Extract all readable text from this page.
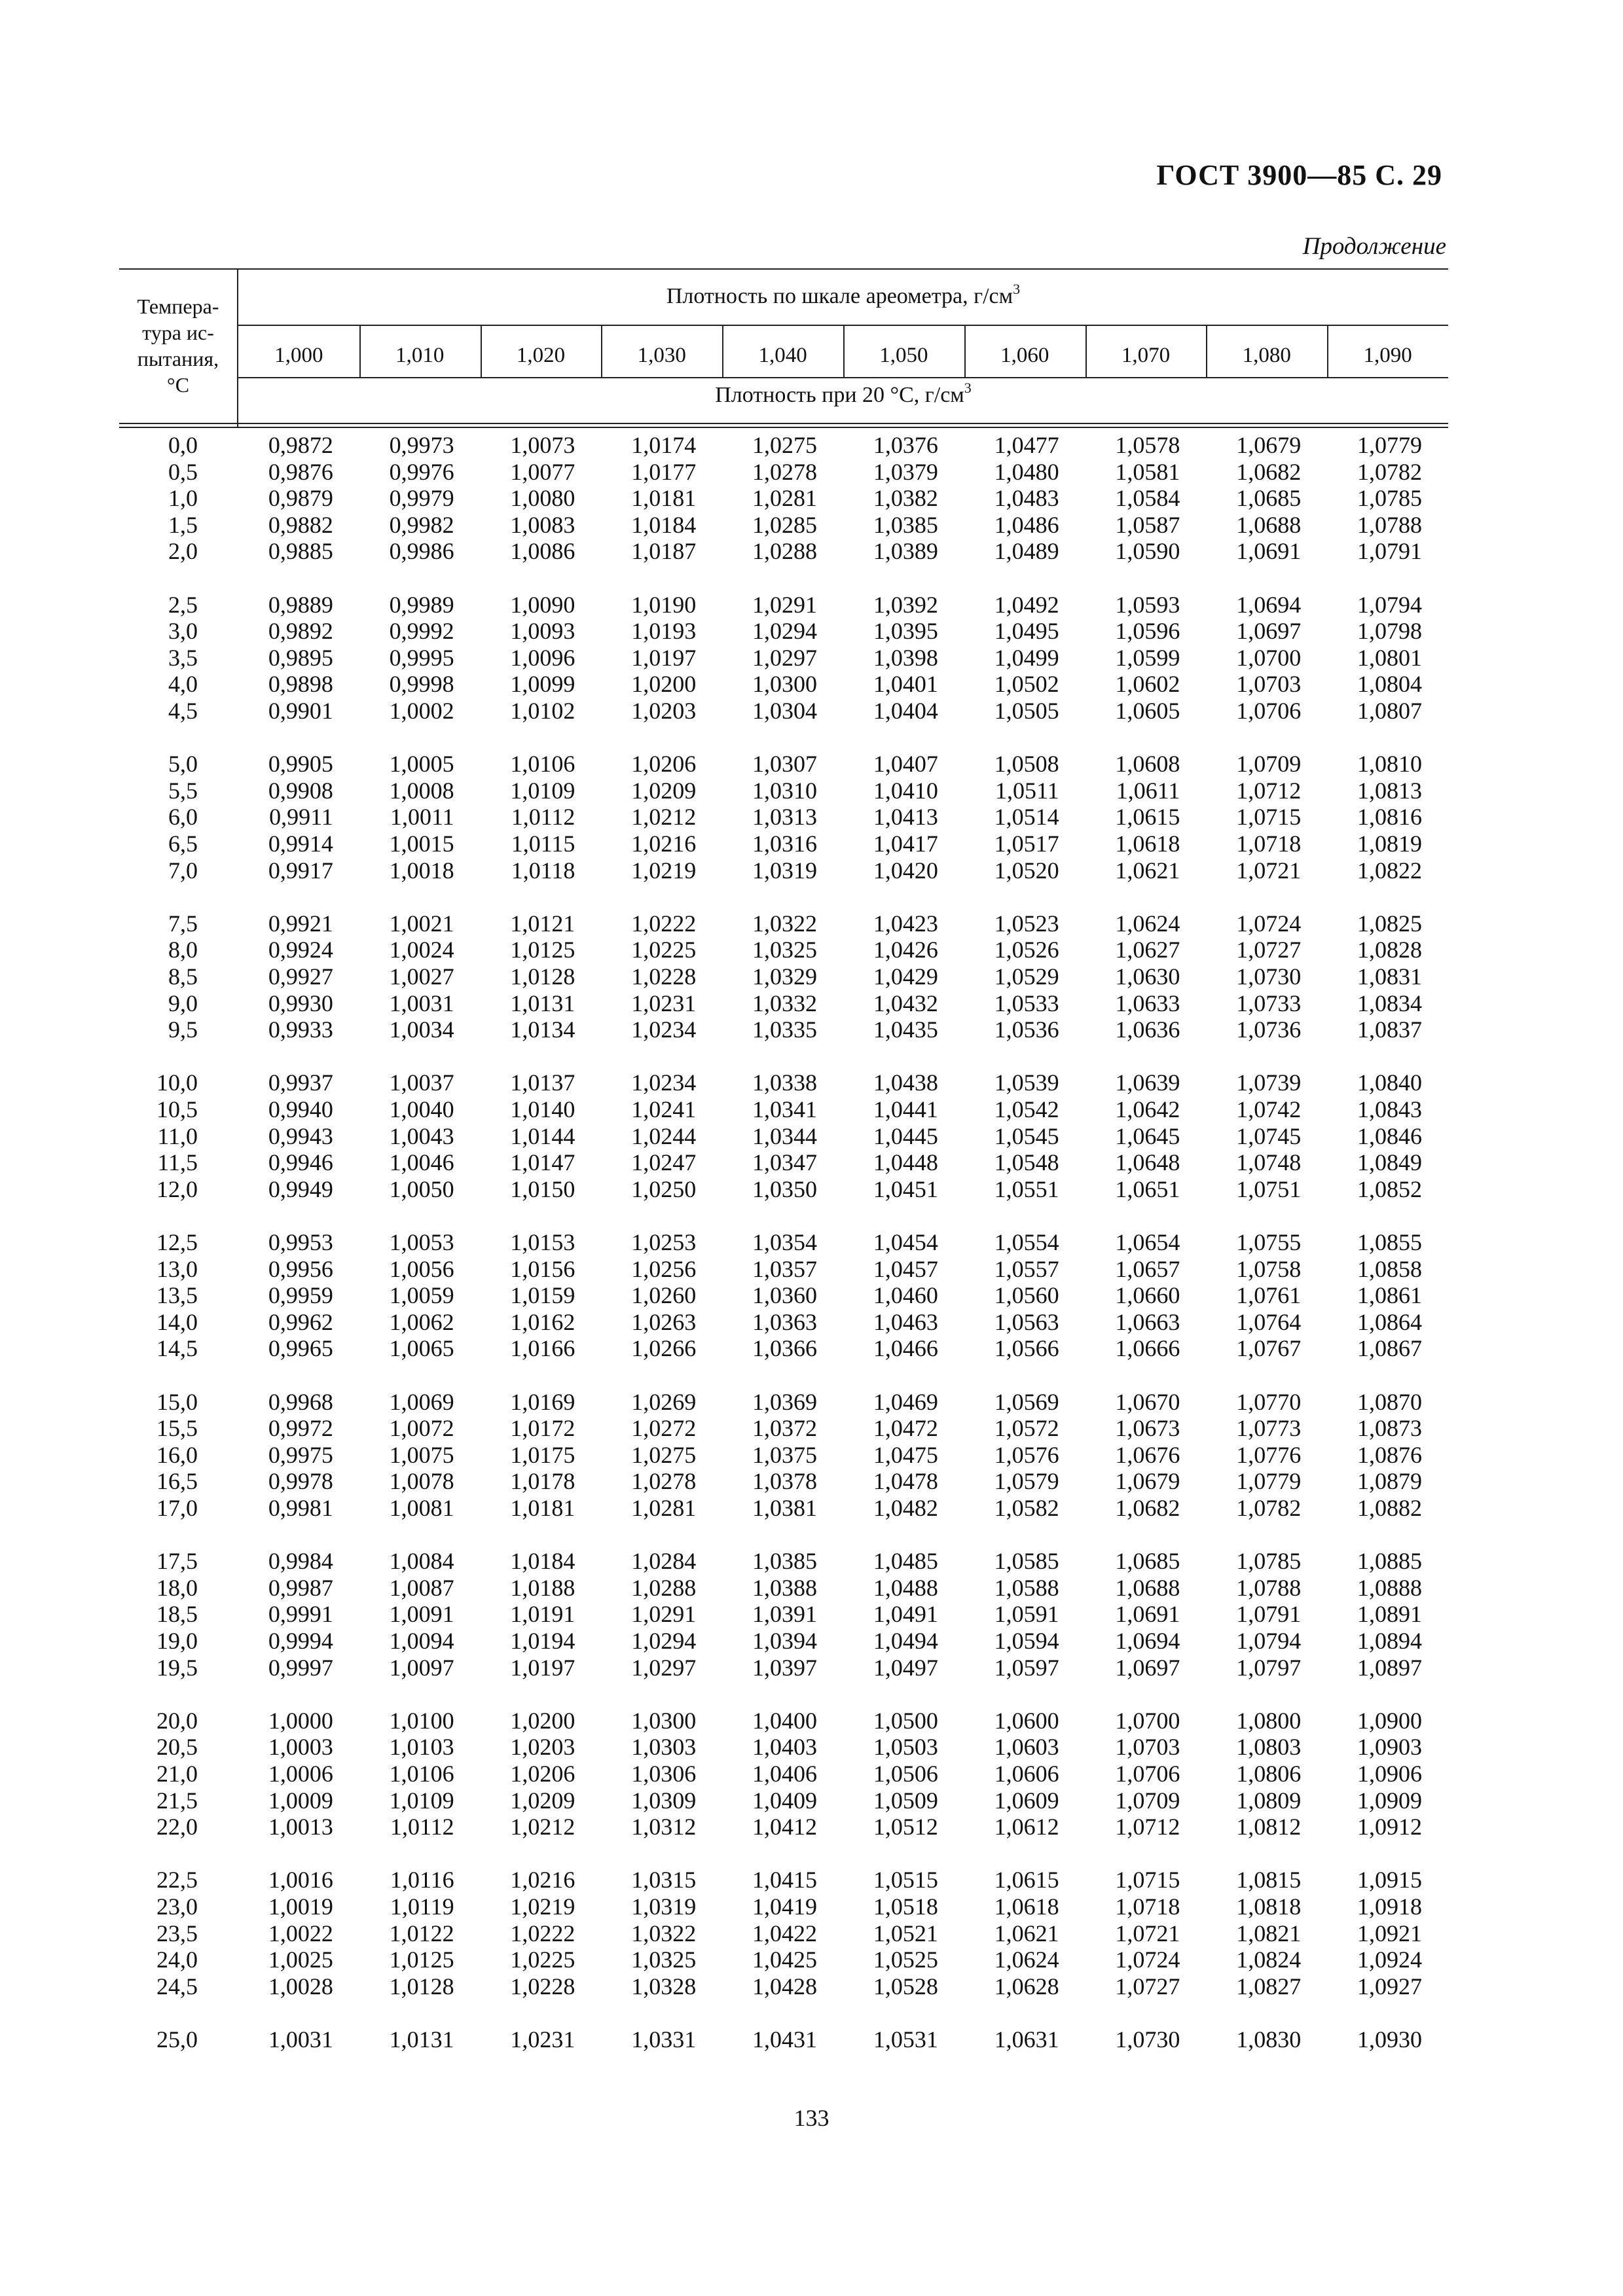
ГОСТ 3900—85 С. 29
Продолжение
Темпера-
тура ис-
пытания,
°С
Плотность по шкале ареометра, $г/см^3$
1,000	1,010	1,020	1,030	1,040	1,050	1,060	1,070	1,080	1,090
Плотность при 20 °С, $г/см^3$
0,0	0,9872 0,9973 1,0073 1,0174 1,0275 1,0376 1,0477 1,0578 1,0679 1,0779
0,5	0,9876 0,9976 1,0077 1,0177 1,0278 1,0379 1,0480 1,0581 1,0682 1,0782
1,0	0,9879 0,9979 1,0080 1,0181 1,0281 1,0382 1,0483 1,0584 1,0685 1,0785
1,5	0,9882 0,9982 1,0083 1,0184 1,0285 1,0385 1,0486 1,0587 1,0688 1,0788
2,0	0,9885 0,9986 1,0086 1,0187 1,0288 1,0389 1,0489 1,0590 1,0691 1,0791
2,5	0,9889 0,9989 1,0090 1,0190 1,0291 1,0392 1,0492 1,0593 1,0694 1,0794
3,0	0,9892 0,9992 1,0093 1,0193 1,0294 1,0395 1,0495 1,0596 1,0697 1,0798
3,5	0,9895 0,9995 1,0096 1,0197 1,0297 1,0398 1,0499 1,0599 1,0700 1,0801
4,0	0,9898 0,9998 1,0099 1,0200 1,0300 1,0401 1,0502 1,0602 1,0703 1,0804
4,5	0,9901 1,0002 1,0102 1,0203 1,0304 1,0404 1,0505 1,0605 1,0706 1,0807
5,0	0,9905 1,0005 1,0106 1,0206 1,0307 1,0407 1,0508 1,0608 1,0709 1,0810
5,5	0,9908 1,0008 1,0109 1,0209 1,0310 1,0410 1,0511 1,0611 1,0712 1,0813
6,0	0,9911 1,0011 1,0112 1,0212 1,0313 1,0413 1,0514 1,0615 1,0715 1,0816
6,5	0,9914 1,0015 1,0115 1,0216 1,0316 1,0417 1,0517 1,0618 1,0718 1,0819
7,0	0,9917 1,0018 1,0118 1,0219 1,0319 1,0420 1,0520 1,0621 1,0721 1,0822
7,5	0,9921 1,0021 1,0121 1,0222 1,0322 1,0423 1,0523 1,0624 1,0724 1,0825
8,0	0,9924 1,0024 1,0125 1,0225 1,0325 1,0426 1,0526 1,0627 1,0727 1,0828
8,5	0,9927 1,0027 1,0128 1,0228 1,0329 1,0429 1,0529 1,0630 1,0730 1,0831
9,0	0,9930 1,0031 1,0131 1,0231 1,0332 1,0432 1,0533 1,0633 1,0733 1,0834
9,5	0,9933 1,0034 1,0134 1,0234 1,0335 1,0435 1,0536 1,0636 1,0736 1,0837
10,0	0,9937 1,0037 1,0137 1,0234 1,0338 1,0438 1,0539 1,0639 1,0739 1,0840
10,5	0,9940 1,0040 1,0140 1,0241 1,0341 1,0441 1,0542 1,0642 1,0742 1,0843
11,0	0,9943 1,0043 1,0144 1,0244 1,0344 1,0445 1,0545 1,0645 1,0745 1,0846
11,5	0,9946 1,0046 1,0147 1,0247 1,0347 1,0448 1,0548 1,0648 1,0748 1,0849
12,0	0,9949 1,0050 1,0150 1,0250 1,0350 1,0451 1,0551 1,0651 1,0751 1,0852
12,5	0,9953 1,0053 1,0153 1,0253 1,0354 1,0454 1,0554 1,0654 1,0755 1,0855
13,0	0,9956 1,0056 1,0156 1,0256 1,0357 1,0457 1,0557 1,0657 1,0758 1,0858
13,5	0,9959 1,0059 1,0159 1,0260 1,0360 1,0460 1,0560 1,0660 1,0761 1,0861
14,0	0,9962 1,0062 1,0162 1,0263 1,0363 1,0463 1,0563 1,0663 1,0764 1,0864
14,5	0,9965 1,0065 1,0166 1,0266 1,0366 1,0466 1,0566 1,0666 1,0767 1,0867
15,0	0,9968 1,0069 1,0169 1,0269 1,0369 1,0469 1,0569 1,0670 1,0770 1,0870
15,5	0,9972 1,0072 1,0172 1,0272 1,0372 1,0472 1,0572 1,0673 1,0773 1,0873
16,0	0,9975 1,0075 1,0175 1,0275 1,0375 1,0475 1,0576 1,0676 1,0776 1,0876
16,5	0,9978 1,0078 1,0178 1,0278 1,0378 1,0478 1,0579 1,0679 1,0779 1,0879
17,0	0,9981 1,0081 1,0181 1,0281 1,0381 1,0482 1,0582 1,0682 1,0782 1,0882
17,5	0,9984 1,0084 1,0184 1,0284 1,0385 1,0485 1,0585 1,0685 1,0785 1,0885
18,0	0,9987 1,0087 1,0188 1,0288 1,0388 1,0488 1,0588 1,0688 1,0788 1,0888
18,5	0,9991 1,0091 1,0191 1,0291 1,0391 1,0491 1,0591 1,0691 1,0791 1,0891
19,0	0,9994 1,0094 1,0194 1,0294 1,0394 1,0494 1,0594 1,0694 1,0794 1,0894
19,5	0,9997 1,0097 1,0197 1,0297 1,0397 1,0497 1,0597 1,0697 1,0797 1,0897
20,0	1,0000 1,0100 1,0200 1,0300 1,0400 1,0500 1,0600 1,0700 1,0800 1,0900
20,5	1,0003 1,0103 1,0203 1,0303 1,0403 1,0503 1,0603 1,0703 1,0803 1,0903
21,0	1,0006 1,0106 1,0206 1,0306 1,0406 1,0506 1,0606 1,0706 1,0806 1,0906
21,5	1,0009 1,0109 1,0209 1,0309 1,0409 1,0509 1,0609 1,0709 1,0809 1,0909
22,0	1,0013 1,0112 1,0212 1,0312 1,0412 1,0512 1,0612 1,0712 1,0812 1,0912
22,5	1,0016 1,0116 1,0216 1,0315 1,0415 1,0515 1,0615 1,0715 1,0815 1,0915
23,0	1,0019 1,0119 1,0219 1,0319 1,0419 1,0518 1,0618 1,0718 1,0818 1,0918
23,5	1,0022 1,0122 1,0222 1,0322 1,0422 1,0521 1,0621 1,0721 1,0821 1,0921
24,0	1,0025 1,0125 1,0225 1,0325 1,0425 1,0525 1,0624 1,0724 1,0824 1,0924
24,5	1,0028 1,0128 1,0228 1,0328 1,0428 1,0528 1,0628 1,0727 1,0827 1,0927
25,0	1,0031 1,0131 1,0231 1,0331 1,0431 1,0531 1,0631 1,0730 1,0830 1,0930
133
